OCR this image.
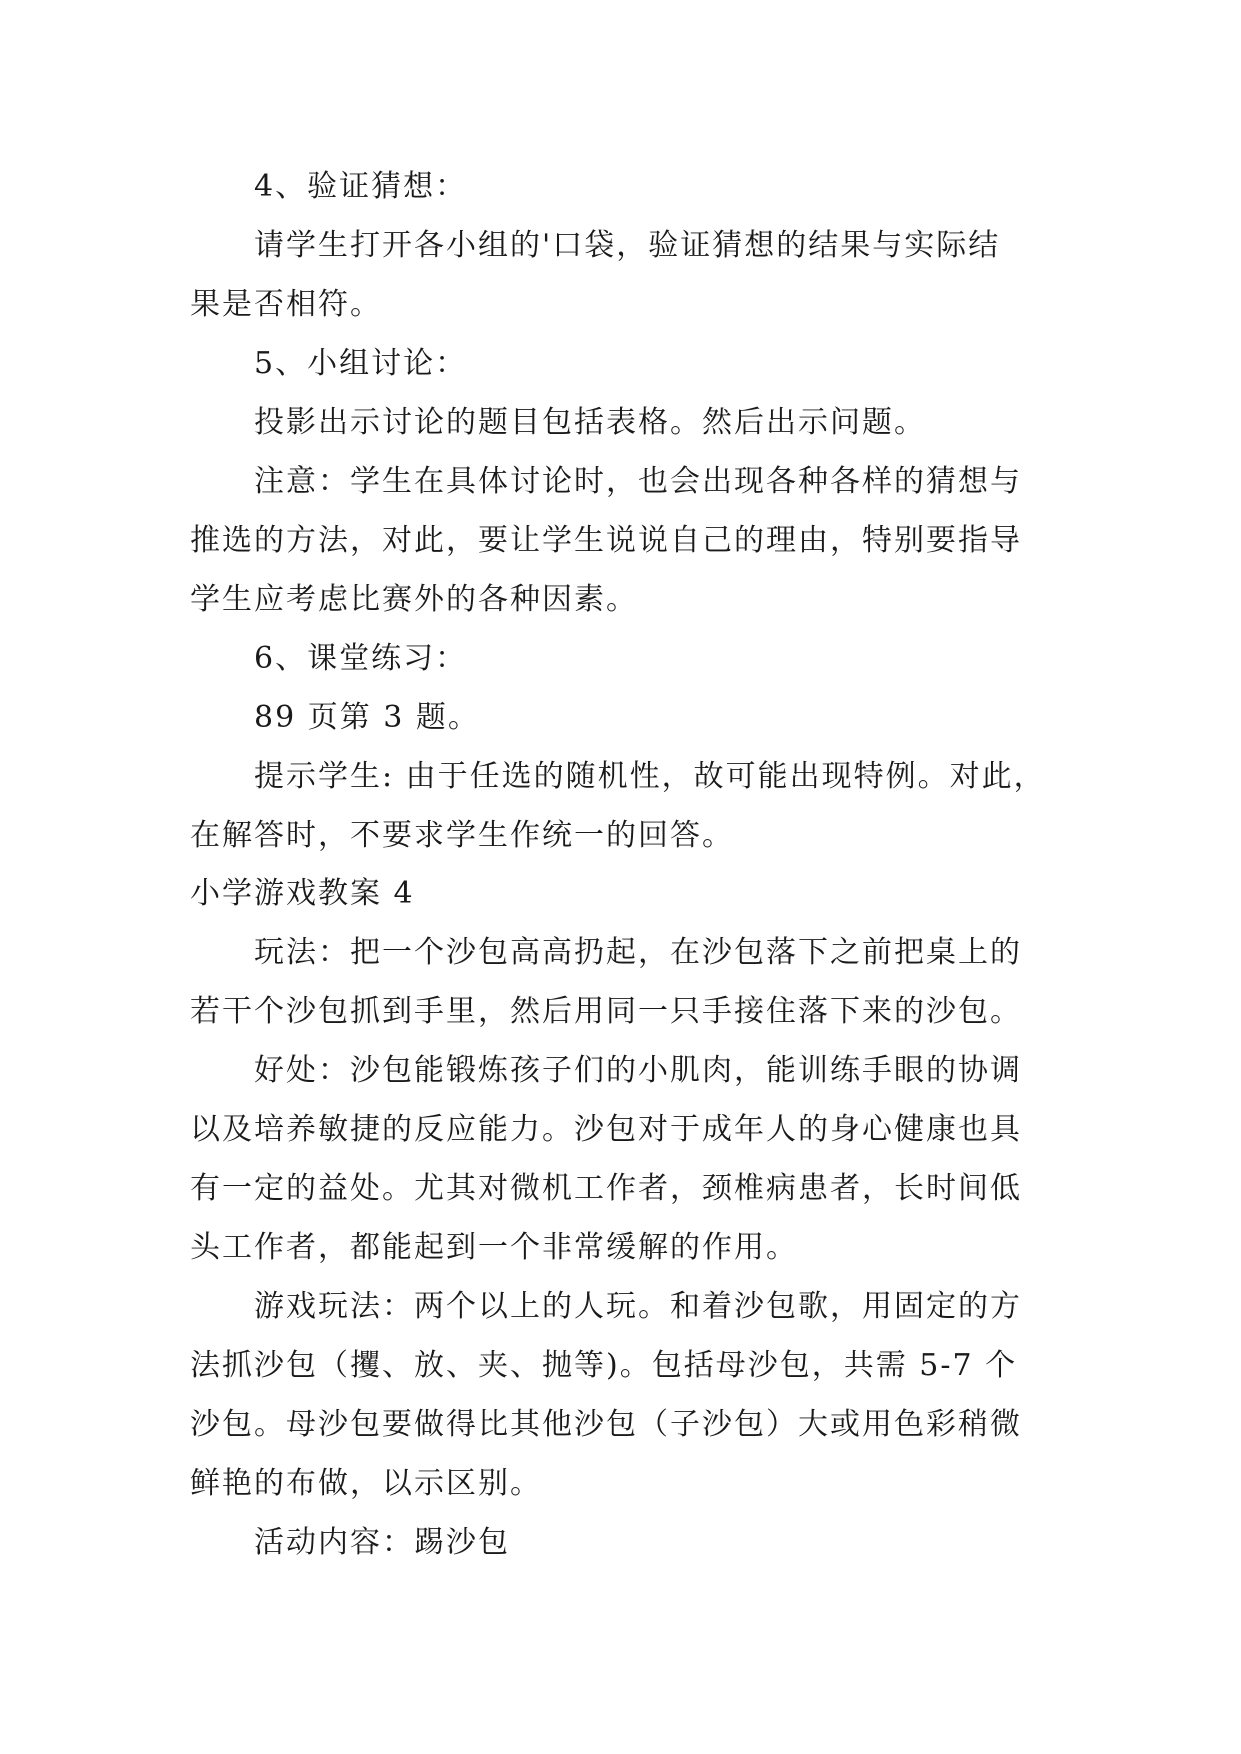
4、验证猜想：
请学生打开各小组的'口袋，验证猜想的结果与实际结
果是否相符。
5、小组讨论：
投影出示讨论的题目包括表格。然后出示问题。
注意：学生在具体讨论时，也会出现各种各样的猜想与
推选的方法，对此，要让学生说说自己的理由，特别要指导
学生应考虑比赛外的各种因素。
6、课堂练习：
89 页第 3 题。
提示学生: 由于任选的随机性，故可能出现特例。对此，
在解答时，不要求学生作统一的回答。
小学游戏教案 4
玩法：把一个沙包高高扔起，在沙包落下之前把桌上的
若干个沙包抓到手里，然后用同一只手接住落下来的沙包。
好处：沙包能锻炼孩子们的小肌肉，能训练手眼的协调
以及培养敏捷的反应能力。沙包对于成年人的身心健康也具
有一定的益处。尤其对微机工作者，颈椎病患者，长时间低
头工作者，都能起到一个非常缓解的作用。
游戏玩法：两个以上的人玩。和着沙包歌，用固定的方
法抓沙包（攫、放、夹、抛等)。包括母沙包，共需 5-7 个
沙包。母沙包要做得比其他沙包（子沙包）大或用色彩稍微
鲜艳的布做，以示区别。
活动内容：踢沙包
